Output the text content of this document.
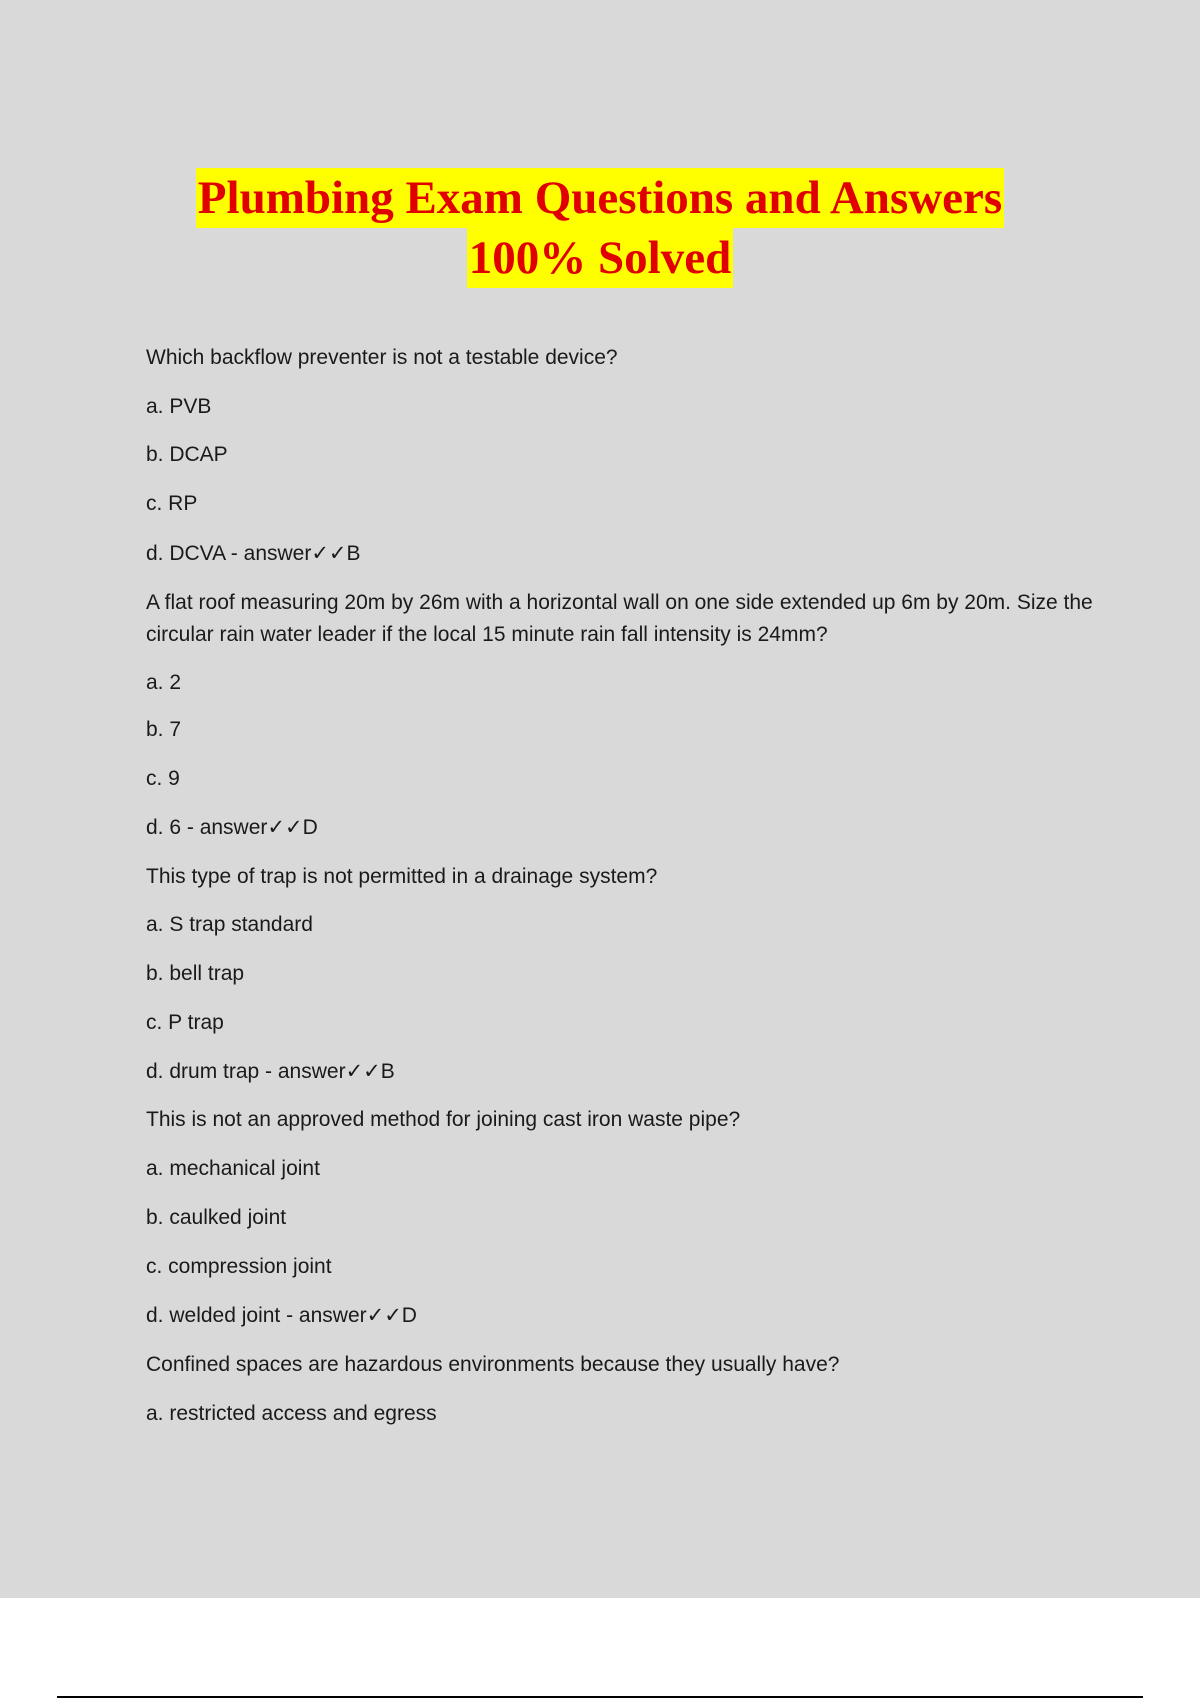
Plumbing Exam Questions and Answers
100% Solved
Which backflow preventer is not a testable device?
a. PVB
b. DCAP
c. RP
d. DCVA - answer✓✓B
A flat roof measuring 20m by 26m with a horizontal wall on one side extended up 6m by 20m. Size the circular rain water leader if the local 15 minute rain fall intensity is 24mm?
a. 2
b. 7
c. 9
d. 6 - answer✓✓D
This type of trap is not permitted in a drainage system?
a. S trap standard
b. bell trap
c. P trap
d. drum trap - answer✓✓B
This is not an approved method for joining cast iron waste pipe?
a. mechanical joint
b. caulked joint
c. compression joint
d. welded joint - answer✓✓D
Confined spaces are hazardous environments because they usually have?
a. restricted access and egress
